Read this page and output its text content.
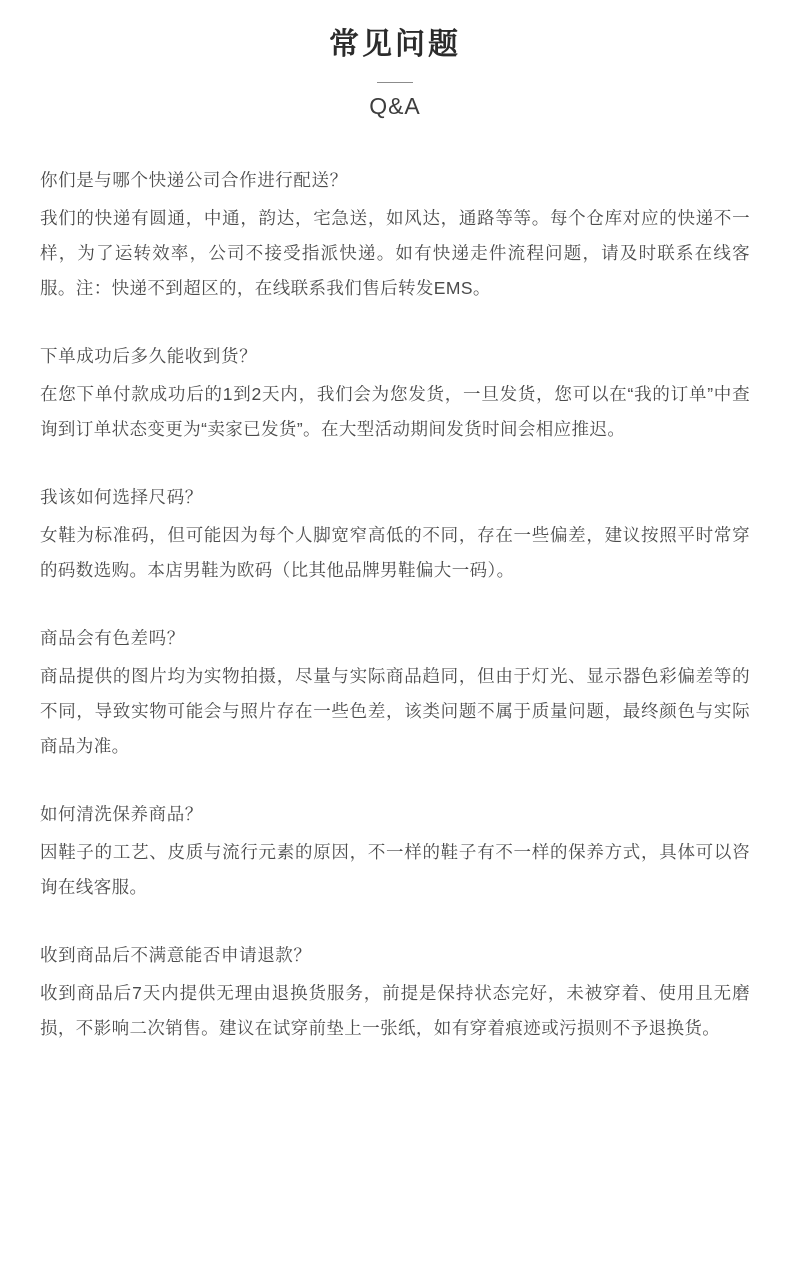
常见问题
Q&A
你们是与哪个快递公司合作进行配送？
我们的快递有圆通，中通，韵达，宅急送，如风达，通路等等。每个仓库对应的快递不一样，为了运转效率，公司不接受指派快递。如有快递走件流程问题，请及时联系在线客服。注：快递不到超区的，在线联系我们售后转发EMS。
下单成功后多久能收到货？
在您下单付款成功后的1到2天内，我们会为您发货，一旦发货，您可以在“我的订单”中查询到订单状态变更为“卖家已发货”。在大型活动期间发货时间会相应推迟。
我该如何选择尺码？
女鞋为标准码，但可能因为每个人脚宽窄高低的不同，存在一些偏差，建议按照平时常穿的码数选购。本店男鞋为欧码（比其他品牌男鞋偏大一码）。
商品会有色差吗？
商品提供的图片均为实物拍摄，尽量与实际商品趋同，但由于灯光、显示器色彩偏差等的不同，导致实物可能会与照片存在一些色差，该类问题不属于质量问题，最终颜色与实际商品为准。
如何清洗保养商品？
因鞋子的工艺、皮质与流行元素的原因，不一样的鞋子有不一样的保养方式，具体可以咨询在线客服。
收到商品后不满意能否申请退款？
收到商品后7天内提供无理由退换货服务，前提是保持状态完好，未被穿着、使用且无磨损，不影响二次销售。建议在试穿前垫上一张纸，如有穿着痕迹或污损则不予退换货。
